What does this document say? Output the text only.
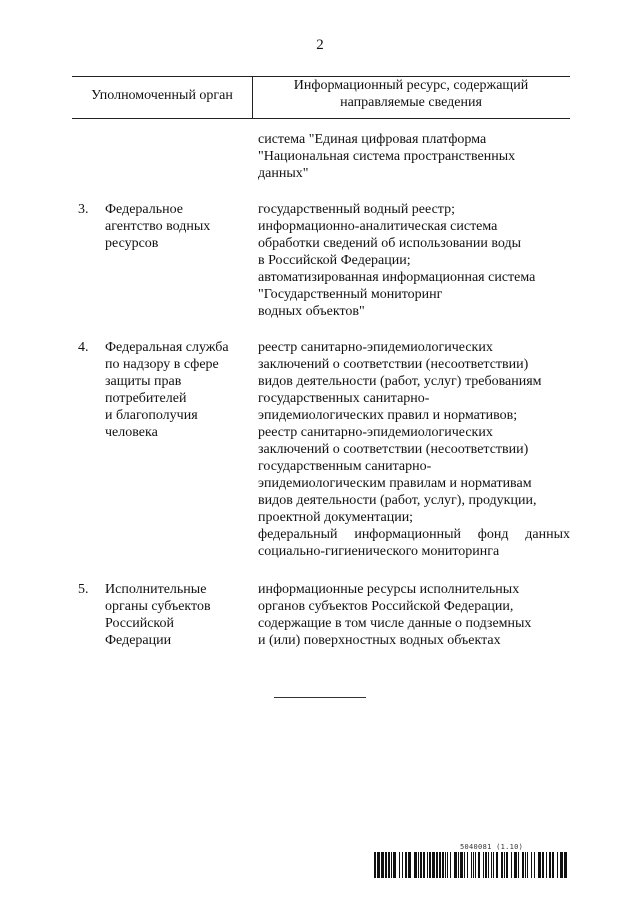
2
Уполномоченный орган
Информационный ресурс, содержащий
направляемые сведения
система "Единая цифровая платформа
"Национальная система пространственных
данных"
3. Федеральное
агентство водных
ресурсов
государственный водный реестр;
информационно-аналитическая система
обработки сведений об использовании воды
в Российской Федерации;
автоматизированная информационная система
"Государственный мониторинг
водных объектов"
4. Федеральная служба
по надзору в сфере
защиты прав
потребителей
и благополучия
человека
реестр санитарно-эпидемиологических
заключений о соответствии (несоответствии)
видов деятельности (работ, услуг) требованиям
государственных санитарно-
эпидемиологических правил и нормативов;
реестр санитарно-эпидемиологических
заключений о соответствии (несоответствии)
государственным санитарно-
эпидемиологическим правилам и нормативам
видов деятельности (работ, услуг), продукции,
проектной документации;
федеральный информационный фонд данных
социально-гигиенического мониторинга
5. Исполнительные
органы субъектов
Российской
Федерации
информационные ресурсы исполнительных
органов субъектов Российской Федерации,
содержащие в том числе данные о подземных
и (или) поверхностных водных объектах
5040081 (1.10)
